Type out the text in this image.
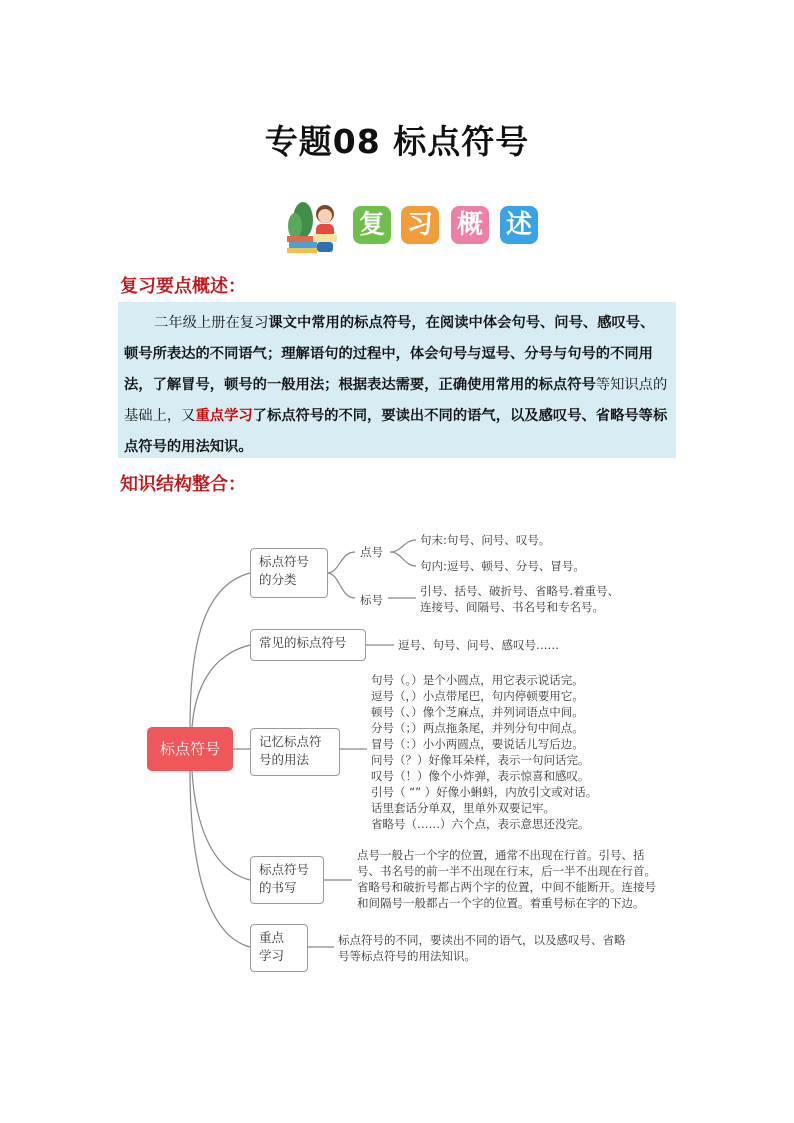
专题08 标点符号
复 习 概 述
复习要点概述：
二年级上册在复习课文中常用的标点符号，在阅读中体会句号、问号、感叹号、顿号所表达的不同语气；理解语句的过程中，体会句号与逗号、分号与句号的不同用法，了解冒号，顿号的一般用法；根据表达需要，正确使用常用的标点符号等知识点的基础上，又重点学习了标点符号的不同，要读出不同的语气，以及感叹号、省略号等标点符号的用法知识。
知识结构整合：
标点符号
标点符号
的分类
点号
句末:句号、问号、叹号。
句内:逗号、顿号、分号、冒号。
标号
引号、括号、破折号、省略号.着重号、
连接号、间隔号、书名号和专名号。
常见的标点符号	逗号、句号、问号、感叹号……
记忆标点符
号的用法
句号（。）是个小圆点，用它表示说话完。
逗号（，）小点带尾巴，句内停顿要用它。
顿号（、）像个芝麻点，并列词语点中间。
分号（；）两点拖条尾，并列分句中间点。
冒号（：）小小两圆点，要说话儿写后边。
问号（？）好像耳朵样，表示一句问话完。
叹号（！）像个小炸弹，表示惊喜和感叹。
引号（ “” ）好像小蝌蚪，内放引文或对话。
话里套话分单双，里单外双要记牢。
省略号（……）六个点，表示意思还没完。
标点符号
的书写
点号一般占一个字的位置，通常不出现在行首。引号、括
号、书名号的前一半不出现在行末，后一半不出现在行首。
省略号和破折号都占两个字的位置，中间不能断开。连接号
和间隔号一般都占一个字的位置。着重号标在字的下边。
重点
学习
标点符号的不同，要读出不同的语气，以及感叹号、省略
号等标点符号的用法知识。
